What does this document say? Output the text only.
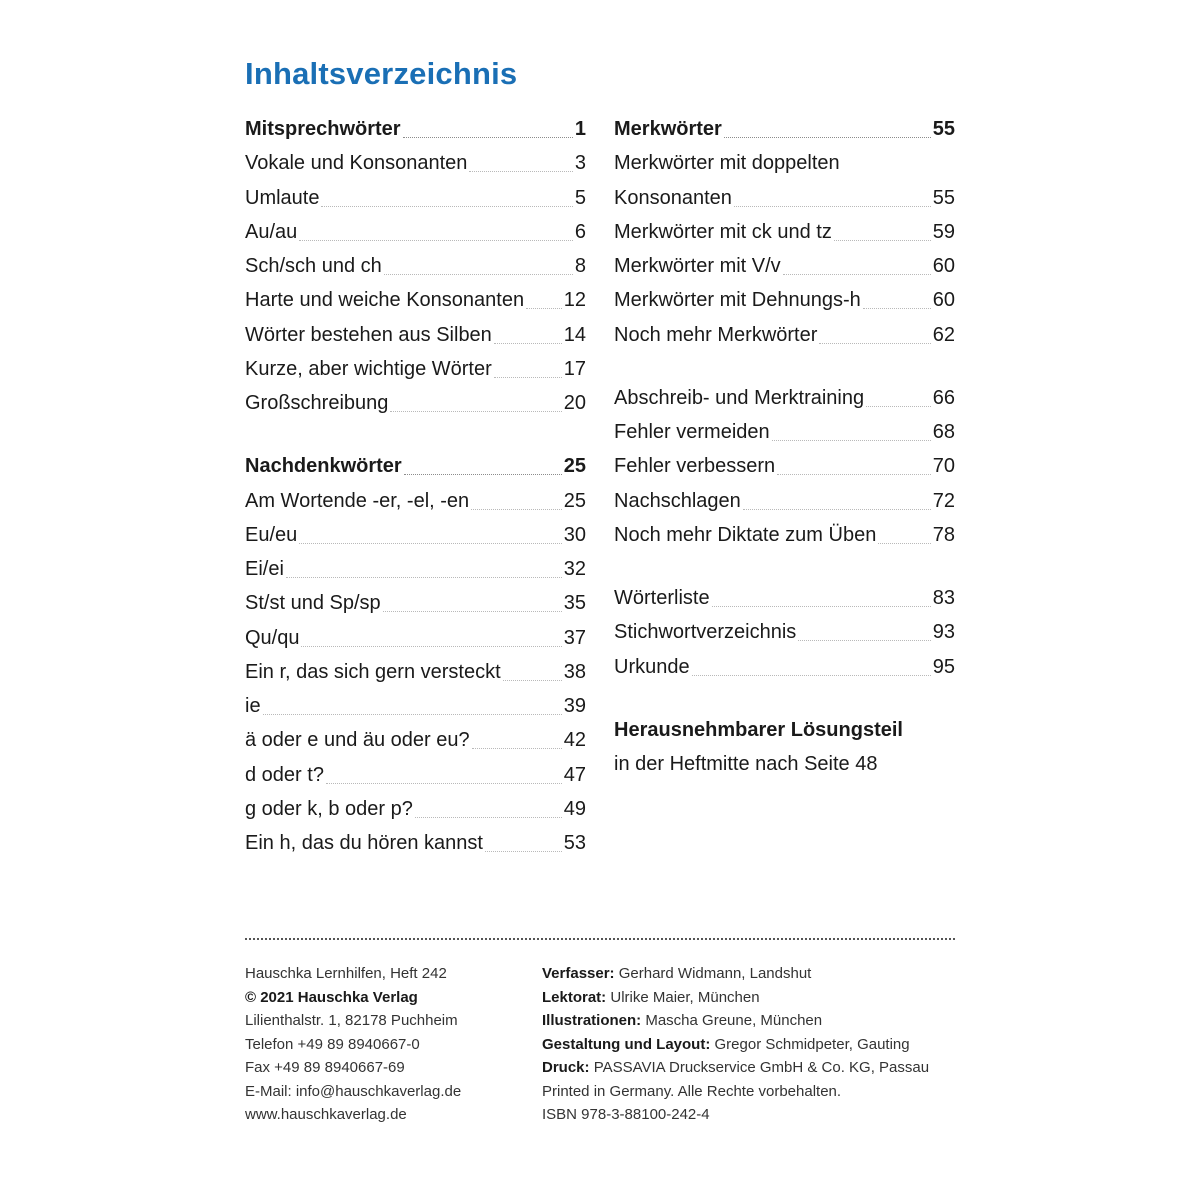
Inhaltsverzeichnis
Mitsprechwörter	1
Vokale und Konsonanten	3
Umlaute	5
Au/au	6
Sch/sch und ch	8
Harte und weiche Konsonanten 12
Wörter bestehen aus Silben	14
Kurze, aber wichtige Wörter	17
Großschreibung	20
Nachdenkwörter	25
Am Wortende -er, -el, -en	25
Eu/eu	30
Ei/ei	32
St/st und Sp/sp	35
Qu/qu	37
Ein r, das sich gern versteckt	38
ie	39
ä oder e und äu oder eu?	42
d oder t?	47
g oder k, b oder p?	49
Ein h, das du hören kannst	53
Merkwörter	55
Merkwörter mit doppelten
Konsonanten	55
Merkwörter mit ck und tz	59
Merkwörter mit V/v	60
Merkwörter mit Dehnungs-h	60
Noch mehr Merkwörter	62
Abschreib- und Merktraining	66
Fehler vermeiden	68
Fehler verbessern	70
Nachschlagen	72
Noch mehr Diktate zum Üben	78
Wörterliste	83
Stichwortverzeichnis	93
Urkunde	95
Herausnehmbarer Lösungsteil
in der Heftmitte nach Seite 48
Hauschka Lernhilfen, Heft 242
© 2021 Hauschka Verlag
Lilienthalstr. 1, 82178 Puchheim
Telefon +49 89 8940667-0
Fax +49 89 8940667-69
E-Mail: info@hauschkaverlag.de
www.hauschkaverlag.de
Verfasser: Gerhard Widmann, Landshut
Lektorat: Ulrike Maier, München
Illustrationen: Mascha Greune, München
Gestaltung und Layout: Gregor Schmidpeter, Gauting
Druck: PASSAVIA Druckservice GmbH & Co. KG, Passau
Printed in Germany. Alle Rechte vorbehalten.
ISBN 978-3-88100-242-4
